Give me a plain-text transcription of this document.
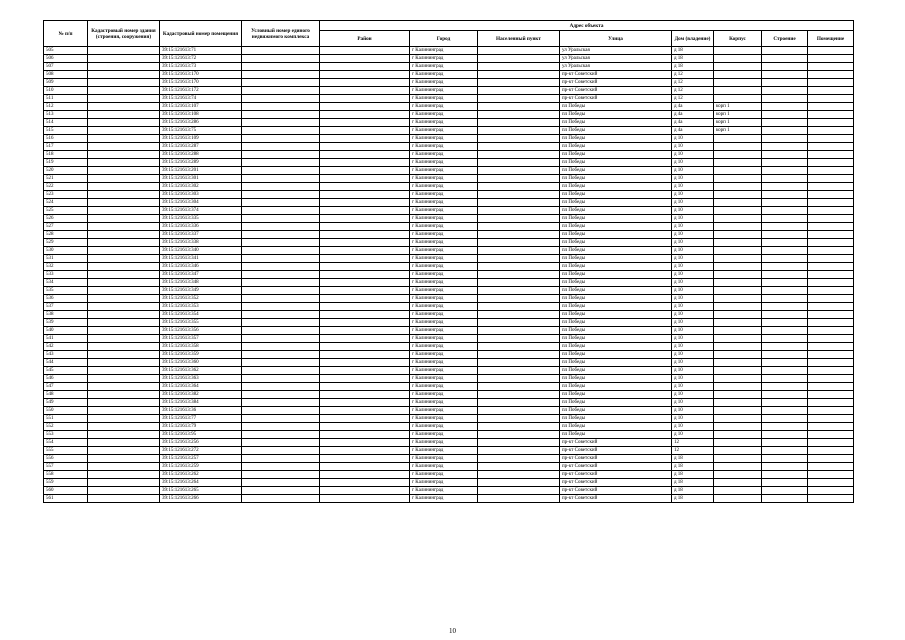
№ п/п	Кадастровый номер здания (строения, сооружения)	Кадастровый номер помещения	Условный номер единого недвижимого комплекса	Адрес объекта							
				Район	Город	Населенный пункт	Улица	Дом (владение)	Корпус	Строение	Помещение
505		39:15:121613:71			г Калининград		ул Уральская	д 18			
506		39:15:121613:72			г Калининград		ул Уральская	д 18			
507		39:15:121613:73			г Калининград		ул Уральская	д 18			
508		39:15:121613:170			г Калининград		пр-кт Советский	д 12			
509		39:15:121613:170			г Калининград		пр-кт Советский	д 12			
510		39:15:121613:172			г Калининград		пр-кт Советский	д 12			
511		39:15:121613:74			г Калининград		пр-кт Советский	д 12			
512		39:15:121613:107			г Калининград		пл Победы	д 4а	корп 1		
513		39:15:121613:108			г Калининград		пл Победы	д 4а	корп 1		
514		39:15:121613:286			г Калининград		пл Победы	д 4а	корп 1		
515		39:15:121613:75			г Калининград		пл Победы	д 4а	корп 1		
516		39:15:121613:109			г Калининград		пл Победы	д 10			
517		39:15:121613:287			г Калининград		пл Победы	д 10			
518		39:15:121613:288			г Калининград		пл Победы	д 10			
519		39:15:121613:289			г Калининград		пл Победы	д 10			
520		39:15:121613:201			г Калининград		пл Победы	д 10			
521		39:15:121613:301			г Калининград		пл Победы	д 10			
522		39:15:121613:302			г Калининград		пл Победы	д 10			
523		39:15:121613:303			г Калининград		пл Победы	д 10			
524		39:15:121613:304			г Калининград		пл Победы	д 10			
525		39:15:121613:374			г Калининград		пл Победы	д 10			
526		39:15:121613:335			г Калининград		пл Победы	д 10			
527		39:15:121613:336			г Калининград		пл Победы	д 10			
528		39:15:121613:337			г Калининград		пл Победы	д 10			
529		39:15:121613:338			г Калининград		пл Победы	д 10			
530		39:15:121613:340			г Калининград		пл Победы	д 10			
531		39:15:121613:341			г Калининград		пл Победы	д 10			
532		39:15:121613:346			г Калининград		пл Победы	д 10			
533		39:15:121613:347			г Калининград		пл Победы	д 10			
534		39:15:121613:348			г Калининград		пл Победы	д 10			
535		39:15:121613:349			г Калининград		пл Победы	д 10			
536		39:15:121613:352			г Калининград		пл Победы	д 10			
537		39:15:121613:353			г Калининград		пл Победы	д 10			
538		39:15:121613:354			г Калининград		пл Победы	д 10			
539		39:15:121613:355			г Калининград		пл Победы	д 10			
540		39:15:121613:356			г Калининград		пл Победы	д 10			
541		39:15:121613:357			г Калининград		пл Победы	д 10			
542		39:15:121613:358			г Калининград		пл Победы	д 10			
543		39:15:121613:359			г Калининград		пл Победы	д 10			
544		39:15:121613:360			г Калининград		пл Победы	д 10			
545		39:15:121613:362			г Калининград		пл Победы	д 10			
546		39:15:121613:363			г Калининград		пл Победы	д 10			
547		39:15:121613:364			г Калининград		пл Победы	д 10			
548		39:15:121613:382			г Калининград		пл Победы	д 10			
549		39:15:121613:384			г Калининград		пл Победы	д 10			
550		39:15:121613:36			г Калининград		пл Победы	д 10			
551		39:15:121613:77			г Калининград		пл Победы	д 10			
552		39:15:121613:79			г Калининград		пл Победы	д 10			
553		39:15:121613:95			г Калининград		пл Победы	д 10			
554		39:15:121613:256			г Калининград		пр-кт Советский	12			
555		39:15:121613:272			г Калининград		пр-кт Советский	12			
556		39:15:121613:257			г Калининград		пр-кт Советский	д 18			
557		39:15:121613:259			г Калининград		пр-кт Советский	д 18			
558		39:15:121613:262			г Калининград		пр-кт Советский	д 18			
559		39:15:121613:264			г Калининград		пр-кт Советский	д 18			
560		39:15:121613:265			г Калининград		пр-кт Советский	д 18			
561		39:15:121613:266			г Калининград		пр-кт Советский	д 18			
10
